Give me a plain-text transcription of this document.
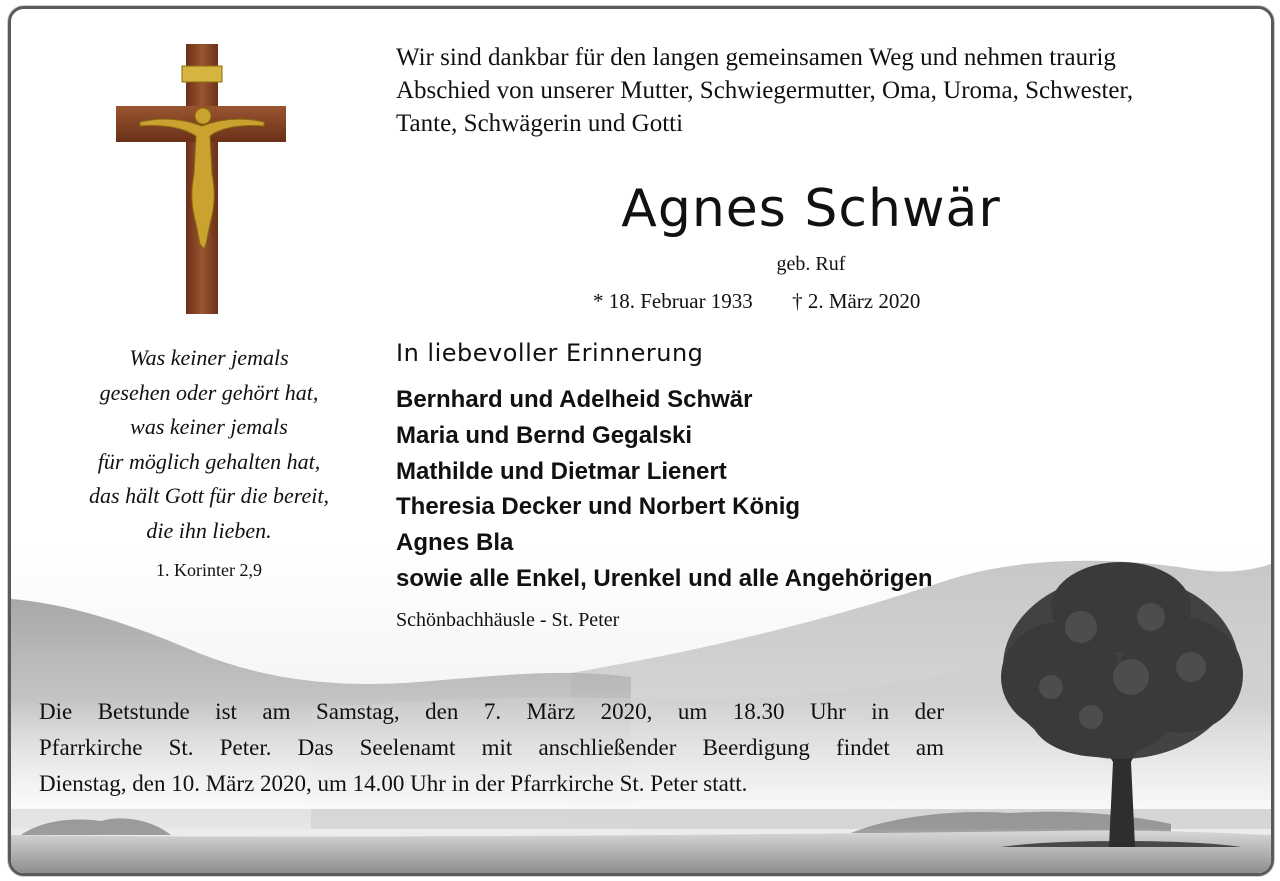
Wir sind dankbar für den langen gemeinsamen Weg und nehmen traurig
Abschied von unserer Mutter, Schwiegermutter, Oma, Uroma, Schwester,
Tante, Schwägerin und Gotti
Agnes Schwär
geb. Ruf
* 18. Februar 1933 † 2. März 2020
Was keiner jemals
gesehen oder gehört hat,
was keiner jemals
für möglich gehalten hat,
das hält Gott für die bereit,
die ihn lieben.
1. Korinter 2,9
In liebevoller Erinnerung
Bernhard und Adelheid Schwär
Maria und Bernd Gegalski
Mathilde und Dietmar Lienert
Theresia Decker und Norbert König
Agnes Bla
sowie alle Enkel, Urenkel und alle Angehörigen
Schönbachhäusle - St. Peter
Die Betstunde ist am Samstag, den 7. März 2020, um 18.30 Uhr in der
Pfarrkirche St. Peter. Das Seelenamt mit anschließender Beerdigung findet am
Dienstag, den 10. März 2020, um 14.00 Uhr in der Pfarrkirche St. Peter statt.
